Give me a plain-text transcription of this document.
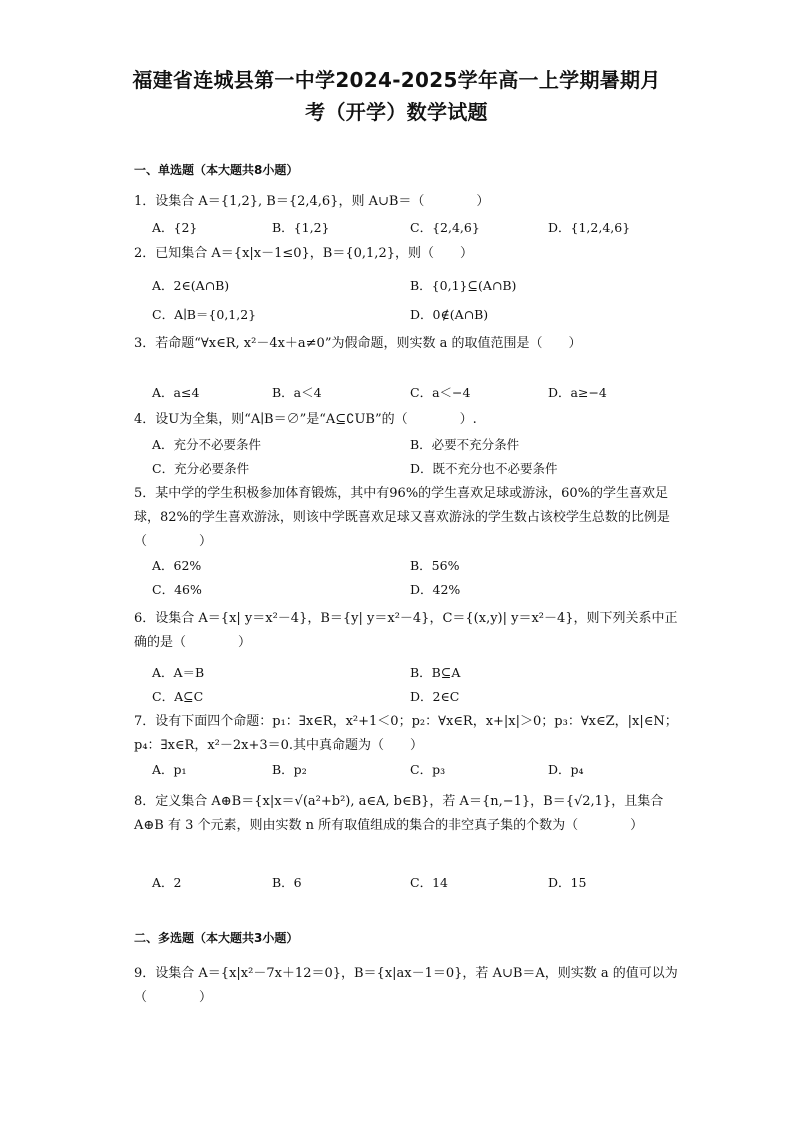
福建省连城县第一中学2024-2025学年高一上学期暑期月
考（开学）数学试题
一、单选题（本大题共8小题）
1．设集合 A＝{1,2}, B＝{2,4,6}，则 A∪B＝（　　　　）
A．{2}	B．{1,2}	C．{2,4,6}	D．{1,2,4,6}
2．已知集合 A＝{x|x－1≤0}，B＝{0,1,2}，则（　　）
A．2∈(A∩B)	B．{0,1}⊆(A∩B)
C．A∣B＝{0,1,2}	D．0∉(A∩B)
3．若命题“∀x∈R, x²－4x＋a≠0”为假命题，则实数 a 的取值范围是（　　）
A．a≤4	B．a＜4	C．a＜−4	D．a≥−4
4．设U为全集，则“A∣B＝∅”是“A⊆∁UB”的（　　　　）.
A．充分不必要条件	B．必要不充分条件
C．充分必要条件	D．既不充分也不必要条件
5．某中学的学生积极参加体育锻炼，其中有96%的学生喜欢足球或游泳，60%的学生喜欢足球，82%的学生喜欢游泳，则该中学既喜欢足球又喜欢游泳的学生数占该校学生总数的比例是（　　　　）
A．62%	B．56%
C．46%	D．42%
6．设集合 A＝{x| y＝x²－4}，B＝{y| y＝x²－4}，C＝{(x,y)| y＝x²－4}，则下列关系中正确的是（　　　　）
A．A＝B	B．B⊆A
C．A⊆C	D．2∈C
7．设有下面四个命题：p₁：∃x∈R，x²+1＜0；p₂：∀x∈R，x+|x|＞0；p₃：∀x∈Z，|x|∈N；p₄：∃x∈R，x²－2x+3＝0.其中真命题为（　　）
A．p₁	B．p₂	C．p₃	D．p₄
8．定义集合 A⊕B＝{x|x＝√(a²+b²), a∈A, b∈B}，若 A＝{n,−1}，B＝{√2,1}，且集合 A⊕B 有 3 个元素，则由实数 n 所有取值组成的集合的非空真子集的个数为（　　　　）
A．2	B．6	C．14	D．15
二、多选题（本大题共3小题）
9．设集合 A＝{x|x²－7x＋12＝0}，B＝{x|ax－1＝0}，若 A∪B＝A，则实数 a 的值可以为（　　　　）
